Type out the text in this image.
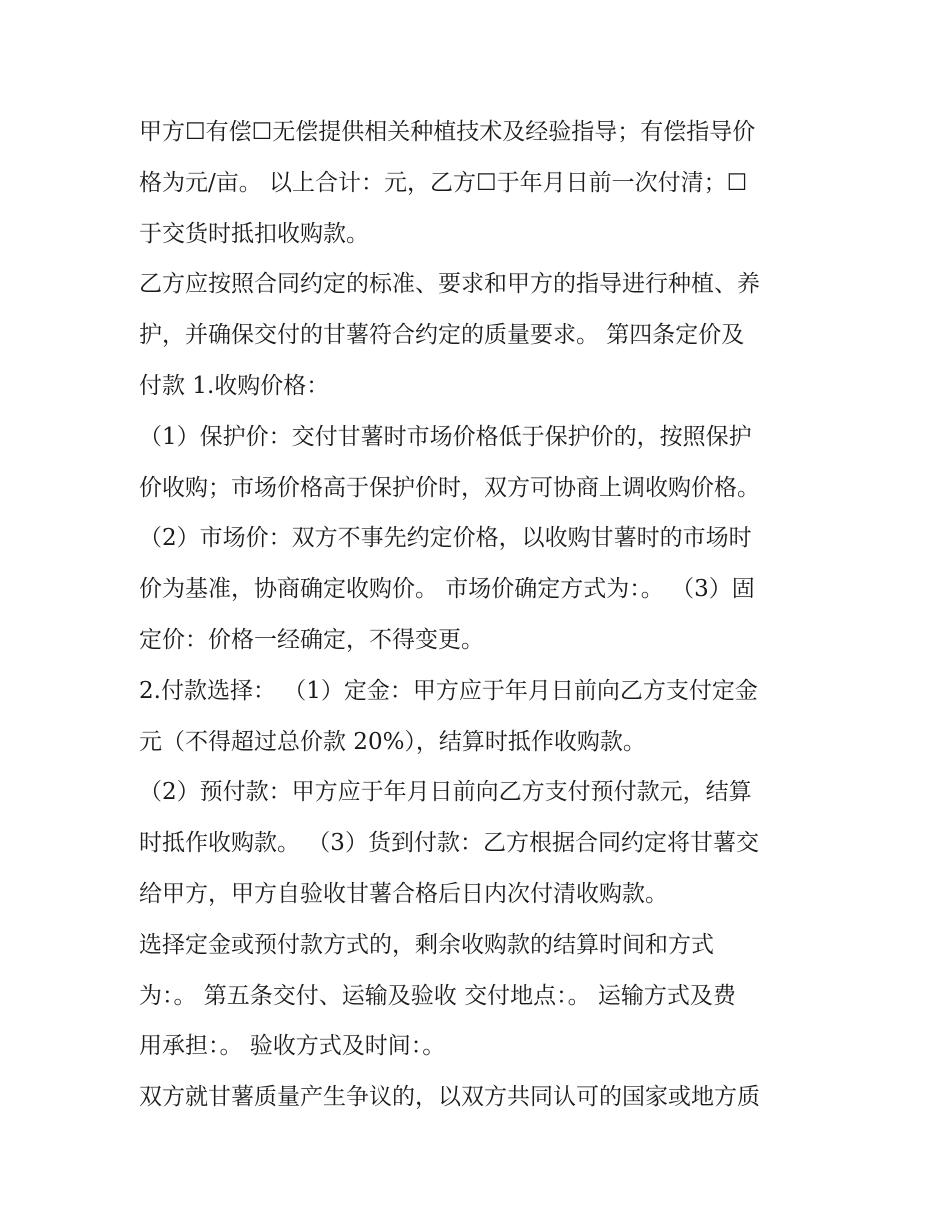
甲方☐有偿☐无偿提供相关种植技术及经验指导；有偿指导价
格为元/亩。 以上合计：元，乙方☐于年月日前一次付清；☐
于交货时抵扣收购款。
乙方应按照合同约定的标准、要求和甲方的指导进行种植、养
护，并确保交付的甘薯符合约定的质量要求。 第四条定价及
付款 1.收购价格：
（1）保护价：交付甘薯时市场价格低于保护价的，按照保护
价收购；市场价格高于保护价时，双方可协商上调收购价格。
（2）市场价：双方不事先约定价格，以收购甘薯时的市场时
价为基准，协商确定收购价。 市场价确定方式为：。 （3）固
定价：价格一经确定，不得变更。
2.付款选择： （1）定金：甲方应于年月日前向乙方支付定金
元（不得超过总价款 20%），结算时抵作收购款。
（2）预付款：甲方应于年月日前向乙方支付预付款元，结算
时抵作收购款。 （3）货到付款：乙方根据合同约定将甘薯交
给甲方，甲方自验收甘薯合格后日内次付清收购款。
选择定金或预付款方式的，剩余收购款的结算时间和方式
为：。 第五条交付、运输及验收 交付地点：。 运输方式及费
用承担：。 验收方式及时间：。
双方就甘薯质量产生争议的，以双方共同认可的国家或地方质
